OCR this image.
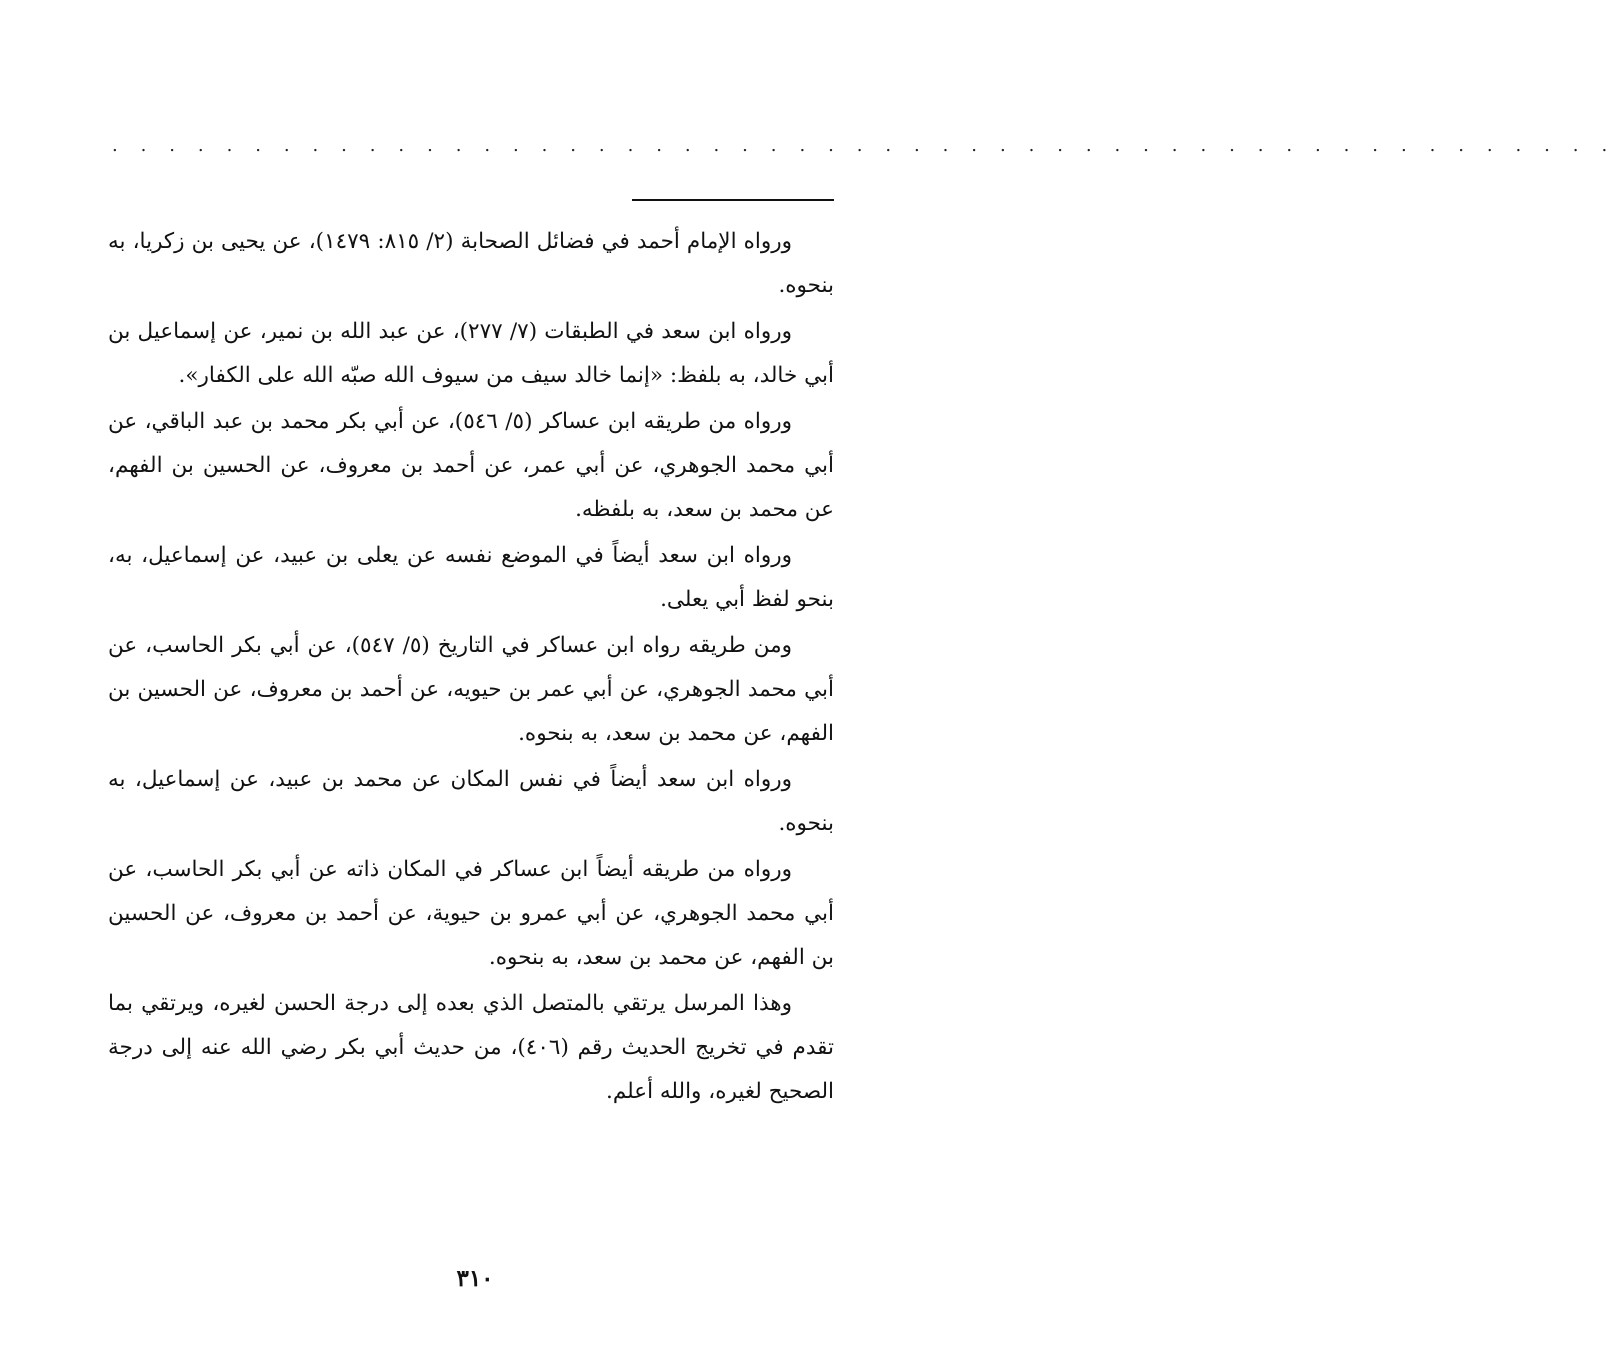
. . . . . . . . . . . . . . . . . . . . . . . . . . . . . . . . . . . . . . . . . . . . . . . . . . . . .

ورواه الإمام أحمد في فضائل الصحابة (٢/ ٨١٥: ١٤٧٩)، عن يحيى بن زكريا، به بنحوه.

ورواه ابن سعد في الطبقات (٧/ ٢٧٧)، عن عبد الله بن نمير، عن إسماعيل بن أبي خالد، به بلفظ: «إنما خالد سيف من سيوف الله صبّه الله على الكفار».

ورواه من طريقه ابن عساكر (٥/ ٥٤٦)، عن أبي بكر محمد بن عبد الباقي، عن أبي محمد الجوهري، عن أبي عمر، عن أحمد بن معروف، عن الحسين بن الفهم، عن محمد بن سعد، به بلفظه.

ورواه ابن سعد أيضاً في الموضع نفسه عن يعلى بن عبيد، عن إسماعيل، به، بنحو لفظ أبي يعلى.

ومن طريقه رواه ابن عساكر في التاريخ (٥/ ٥٤٧)، عن أبي بكر الحاسب، عن أبي محمد الجوهري، عن أبي عمر بن حيويه، عن أحمد بن معروف، عن الحسين بن الفهم، عن محمد بن سعد، به بنحوه.

ورواه ابن سعد أيضاً في نفس المكان عن محمد بن عبيد، عن إسماعيل، به بنحوه.

ورواه من طريقه أيضاً ابن عساكر في المكان ذاته عن أبي بكر الحاسب، عن أبي محمد الجوهري، عن أبي عمرو بن حيوية، عن أحمد بن معروف، عن الحسين بن الفهم، عن محمد بن سعد، به بنحوه.

وهذا المرسل يرتقي بالمتصل الذي بعده إلى درجة الحسن لغيره، ويرتقي بما تقدم في تخريج الحديث رقم (٤٠٦)، من حديث أبي بكر رضي الله عنه إلى درجة الصحيح لغيره، والله أعلم.

٣١٠
